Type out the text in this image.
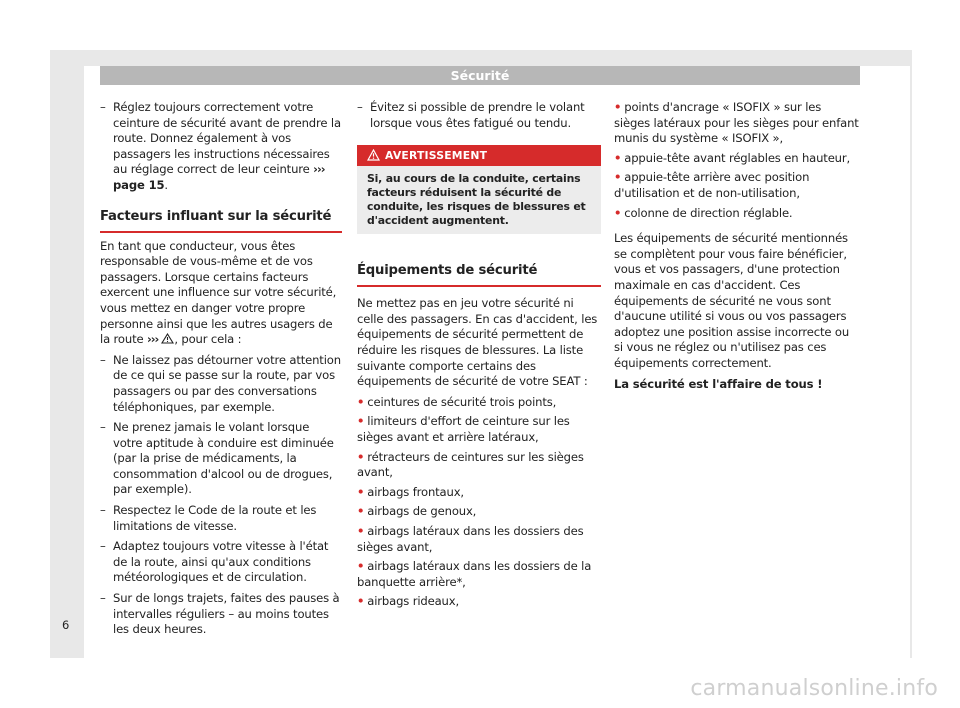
Sécurité

– Réglez toujours correctement votre ceinture de sécurité avant de prendre la route. Donnez également à vos passagers les instructions nécessaires au réglage correct de leur ceinture ››› page 15.

Facteurs influant sur la sécurité

En tant que conducteur, vous êtes responsable de vous-même et de vos passagers. Lorsque certains facteurs exercent une influence sur votre sécurité, vous mettez en danger votre propre personne ainsi que les autres usagers de la route ››› , pour cela :

– Ne laissez pas détourner votre attention de ce qui se passe sur la route, par vos passagers ou par des conversations téléphoniques, par exemple.

– Ne prenez jamais le volant lorsque votre aptitude à conduire est diminuée (par la prise de médicaments, la consommation d'alcool ou de drogues, par exemple).

– Respectez le Code de la route et les limitations de vitesse.

– Adaptez toujours votre vitesse à l'état de la route, ainsi qu'aux conditions météorologiques et de circulation.

– Sur de longs trajets, faites des pauses à intervalles réguliers – au moins toutes les deux heures.

– Évitez si possible de prendre le volant lorsque vous êtes fatigué ou tendu.

AVERTISSEMENT
Si, au cours de la conduite, certains facteurs réduisent la sécurité de conduite, les risques de blessures et d'accident augmentent.
Équipements de sécurité

Ne mettez pas en jeu votre sécurité ni celle des passagers. En cas d'accident, les équipements de sécurité permettent de réduire les risques de blessures. La liste suivante comporte certains des équipements de sécurité de votre SEAT :

• ceintures de sécurité trois points,

• limiteurs d'effort de ceinture sur les sièges avant et arrière latéraux,

• rétracteurs de ceintures sur les sièges avant,

• airbags frontaux,

• airbags de genoux,

• airbags latéraux dans les dossiers des sièges avant,

• airbags latéraux dans les dossiers de la banquette arrière*,

• airbags rideaux,

• points d'ancrage « ISOFIX » sur les sièges latéraux pour les sièges pour enfant munis du système « ISOFIX »,

• appuie-tête avant réglables en hauteur,

• appuie-tête arrière avec position d'utilisation et de non-utilisation,

• colonne de direction réglable.

Les équipements de sécurité mentionnés se complètent pour vous faire bénéficier, vous et vos passagers, d'une protection maximale en cas d'accident. Ces équipements de sécurité ne vous sont d'aucune utilité si vous ou vos passagers adoptez une position assise incorrecte ou si vous ne réglez ou n'utilisez pas ces équipements correctement.

La sécurité est l'affaire de tous !

6
carmanualsonline.info
